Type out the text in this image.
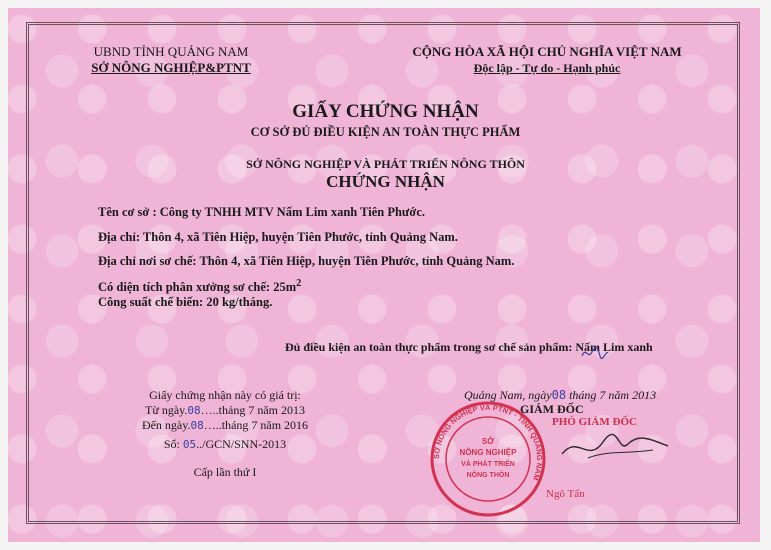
UBND TỈNH QUẢNG NAM
SỞ NÔNG NGHIỆP&PTNT
CỘNG HÒA XÃ HỘI CHỦ NGHĨA VIỆT NAM
Độc lập - Tự do - Hạnh phúc
GIẤY CHỨNG NHẬN
CƠ SỞ ĐỦ ĐIỀU KIỆN AN TOÀN THỰC PHẨM
SỞ NÔNG NGHIỆP VÀ PHÁT TRIỂN NÔNG THÔN
CHỨNG NHẬN
Tên cơ sở : Công ty TNHH MTV Nấm Lim xanh Tiên Phước.
Địa chỉ: Thôn 4, xã Tiên Hiệp, huyện Tiên Phước, tỉnh Quảng Nam.
Địa chỉ nơi sơ chế: Thôn 4, xã Tiên Hiệp, huyện Tiên Phước, tỉnh Quảng Nam.
Có diện tích phân xưởng sơ chế: $25m^2$
Công suất chế biến: 20 kg/tháng.
Đủ điều kiện an toàn thực phẩm trong sơ chế sản phẩm: Nấm Lim xanh
Giấy chứng nhận này có giá trị:
Từ ngày.08…..tháng 7 năm 2013
Đến ngày.08…..tháng 7 năm 2016
Số: 05../GCN/SNN-2013
Cấp lần thứ I
Quảng Nam, ngày08 tháng 7 năm 2013
GIÁM ĐỐC
PHÓ GIÁM ĐỐC
SỞ NÔNG NGHIỆP VÀ PTNT · TỈNH QUẢNG NAM
SỞ
NÔNG NGHIỆP
VÀ PHÁT TRIỂN
NÔNG THÔN
Ngô Tấn
